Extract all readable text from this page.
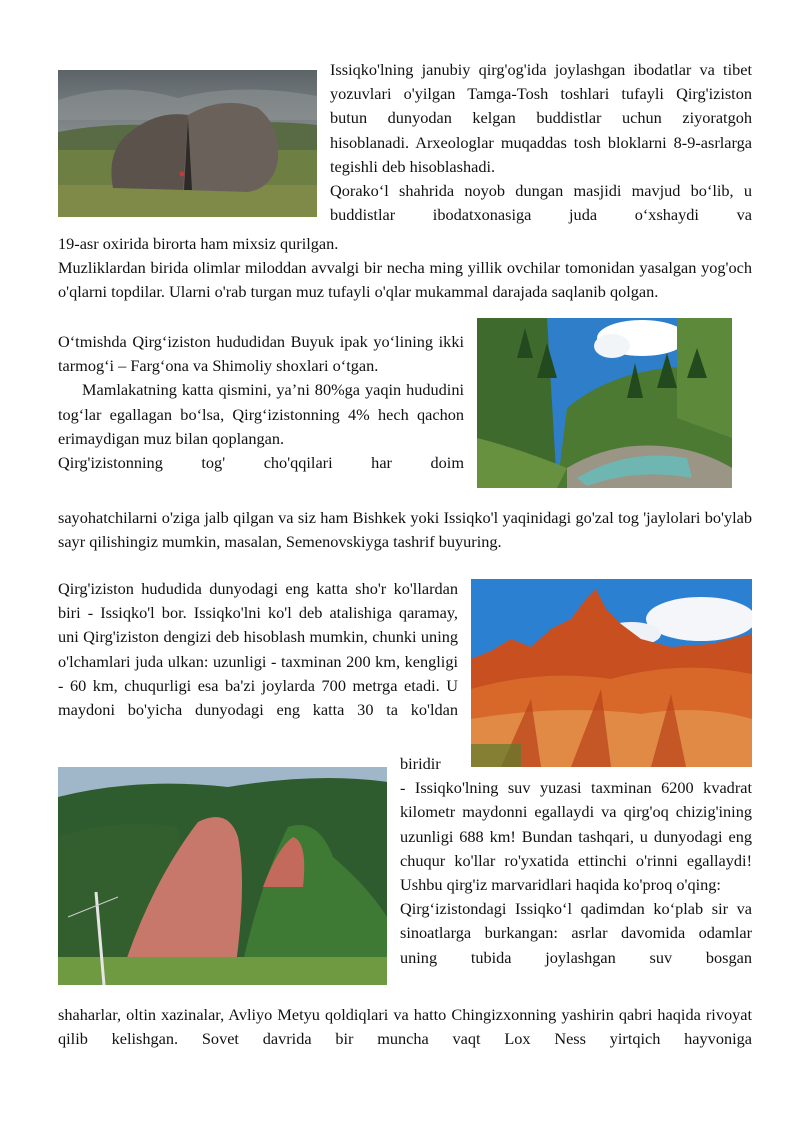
Issiqko'lning janubiy qirg'og'ida joylashgan ibodatlar va tibet yozuvlari o'yilgan Tamga-Tosh toshlari tufayli Qirg'iziston butun dunyodan kelgan buddistlar uchun ziyoratgoh hisoblanadi. Arxeologlar muqaddas tosh bloklarni 8-9-asrlarga tegishli deb hisoblashadi.

Qorako‘l shahrida noyob dungan masjidi mavjud bo‘lib, u buddistlar ibodatxonasiga juda o‘xshaydi va

19-asr oxirida birorta ham mixsiz qurilgan.

Muzliklardan birida olimlar miloddan avvalgi bir necha ming yillik ovchilar tomonidan yasalgan yog'och o'qlarni topdilar. Ularni o'rab turgan muz tufayli o'qlar mukammal darajada saqlanib qolgan.

O‘tmishda Qirg‘iziston hududidan Buyuk ipak yo‘lining ikki tarmog‘i – Farg‘ona va Shimoliy shoxlari o‘tgan.

Mamlakatning katta qismini, ya’ni 80%ga yaqin hududini tog‘lar egallagan bo‘lsa, Qirg‘izistonning 4% hech qachon erimaydigan muz bilan qoplangan.

Qirg'izistonning tog' cho'qqilari har doim

sayohatchilarni o'ziga jalb qilgan va siz ham Bishkek yoki Issiqko'l yaqinidagi go'zal tog 'jaylolari bo'ylab sayr qilishingiz mumkin, masalan, Semenovskiyga tashrif buyuring.

Qirg'iziston hududida dunyodagi eng katta sho'r ko'llardan biri - Issiqko'l bor. Issiqko'lni ko'l deb atalishiga qaramay, uni Qirg'iziston dengizi deb hisoblash mumkin, chunki uning o'lchamlari juda ulkan: uzunligi - taxminan 200 km, kengligi - 60 km, chuqurligi esa ba'zi joylarda 700 metrga etadi. U maydoni bo'yicha dunyodagi eng katta 30 ta ko'ldan

biridir

- Issiqko'lning suv yuzasi taxminan 6200 kvadrat kilometr maydonni egallaydi va qirg'oq chizig'ining uzunligi 688 km! Bundan tashqari, u dunyodagi eng chuqur ko'llar ro'yxatida ettinchi o'rinni egallaydi! Ushbu qirg'iz marvaridlari haqida ko'proq o'qing:

Qirg‘izistondagi Issiqko‘l qadimdan ko‘plab sir va sinoatlarga burkangan: asrlar davomida odamlar uning tubida joylashgan suv bosgan

shaharlar, oltin xazinalar, Avliyo Metyu qoldiqlari va hatto Chingizxonning yashirin qabri haqida rivoyat qilib kelishgan. Sovet davrida bir muncha vaqt Lox Ness yirtqich hayvoniga
